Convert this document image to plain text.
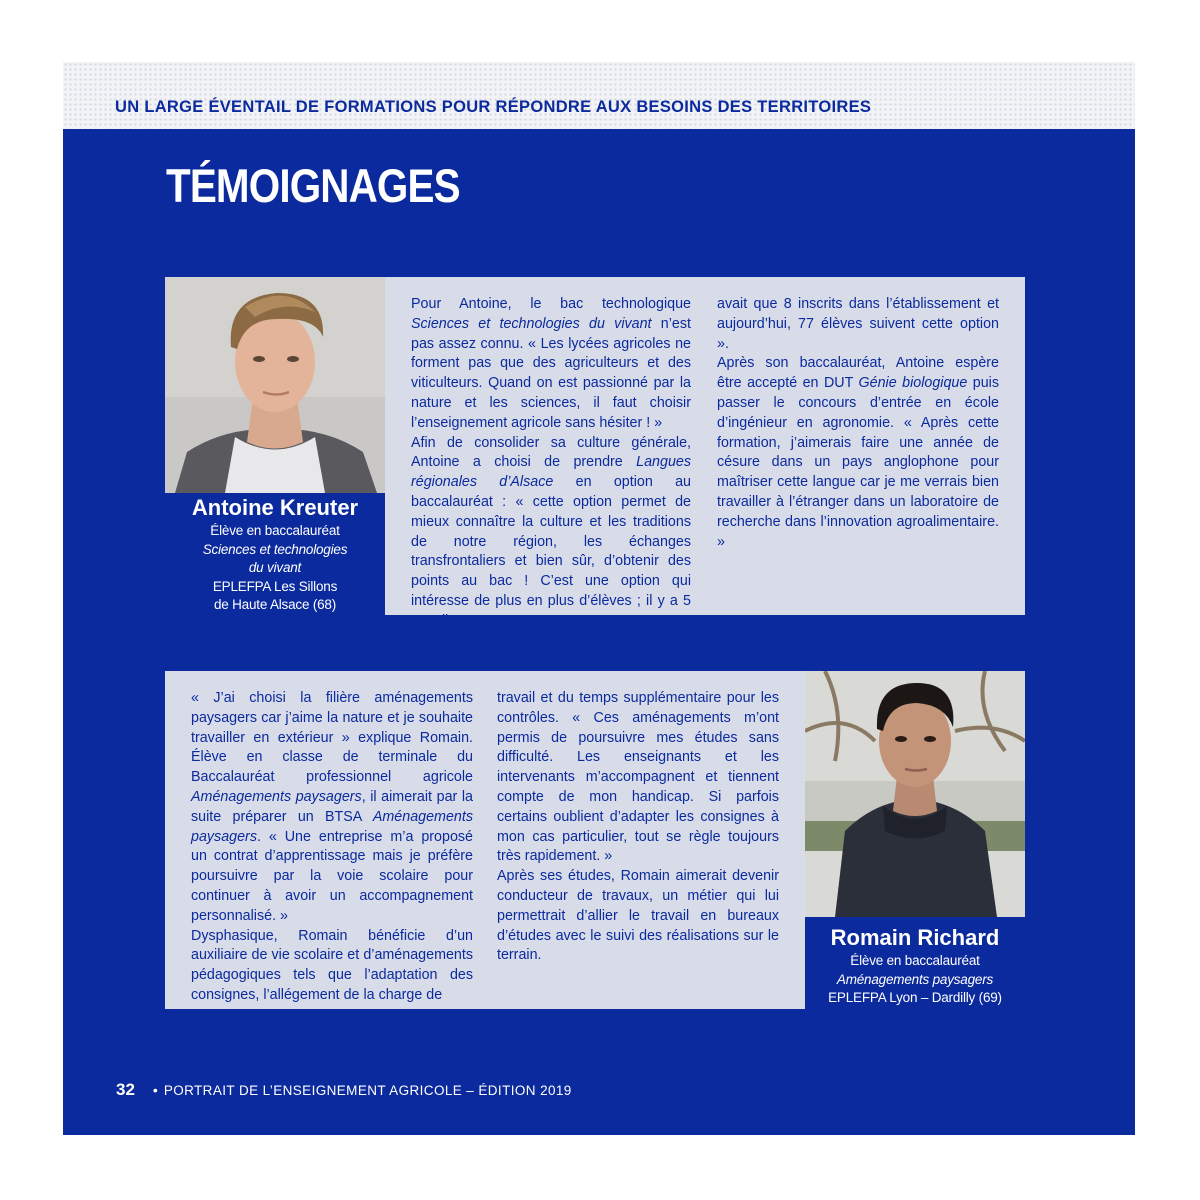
UN LARGE ÉVENTAIL DE FORMATIONS POUR RÉPONDRE AUX BESOINS DES TERRITOIRES
TÉMOIGNAGES
Antoine Kreuter
Élève en baccalauréat
Sciences et technologies
du vivant
EPLEFPA Les Sillons
de Haute Alsace (68)

Pour Antoine, le bac technologique Sciences et technologies du vivant n’est pas assez connu. « Les lycées agricoles ne forment pas que des agriculteurs et des viticulteurs. Quand on est passionné par la nature et les sciences, il faut choisir l’enseignement agricole sans hésiter ! »
Afin de consolider sa culture générale, Antoine a choisi de prendre Langues régionales d’Alsace en option au baccalauréat : « cette option permet de mieux connaître la culture et les traditions de notre région, les échanges transfrontaliers et bien sûr, d’obtenir des points au bac ! C’est une option qui intéresse de plus en plus d’élèves ; il y a 5 ans, il n’y

avait que 8 inscrits dans l’établissement et aujourd’hui, 77 élèves suivent cette option ».
Après son baccalauréat, Antoine espère être accepté en DUT Génie biologique puis passer le concours d’entrée en école d’ingénieur en agronomie. « Après cette formation, j’aimerais faire une année de césure dans un pays anglophone pour maîtriser cette langue car je me verrais bien travailler à l’étranger dans un laboratoire de recherche dans l’innovation agroalimentaire. »

« J’ai choisi la filière aménagements paysagers car j’aime la nature et je souhaite travailler en extérieur » explique Romain. Élève en classe de terminale du Baccalauréat professionnel agricole Aménagements paysagers, il aimerait par la suite préparer un BTSA Aménagements paysagers. « Une entreprise m’a proposé un contrat d’apprentissage mais je préfère poursuivre par la voie scolaire pour continuer à avoir un accompagnement personnalisé. »
Dysphasique, Romain bénéficie d’un auxiliaire de vie scolaire et d’aménagements pédagogiques tels que l’adaptation des consignes, l’allégement de la charge de

travail et du temps supplémentaire pour les contrôles. « Ces aménagements m’ont permis de poursuivre mes études sans difficulté. Les enseignants et les intervenants m’accompagnent et tiennent compte de mon handicap. Si parfois certains oublient d’adapter les consignes à mon cas particulier, tout se règle toujours très rapidement. »
Après ses études, Romain aimerait devenir conducteur de travaux, un métier qui lui permettrait d’allier le travail en bureaux d’études avec le suivi des réalisations sur le terrain.

Romain Richard
Élève en baccalauréat
Aménagements paysagers
EPLEFPA Lyon – Dardilly (69)
32 • PORTRAIT DE L’ENSEIGNEMENT AGRICOLE – ÉDITION 2019
